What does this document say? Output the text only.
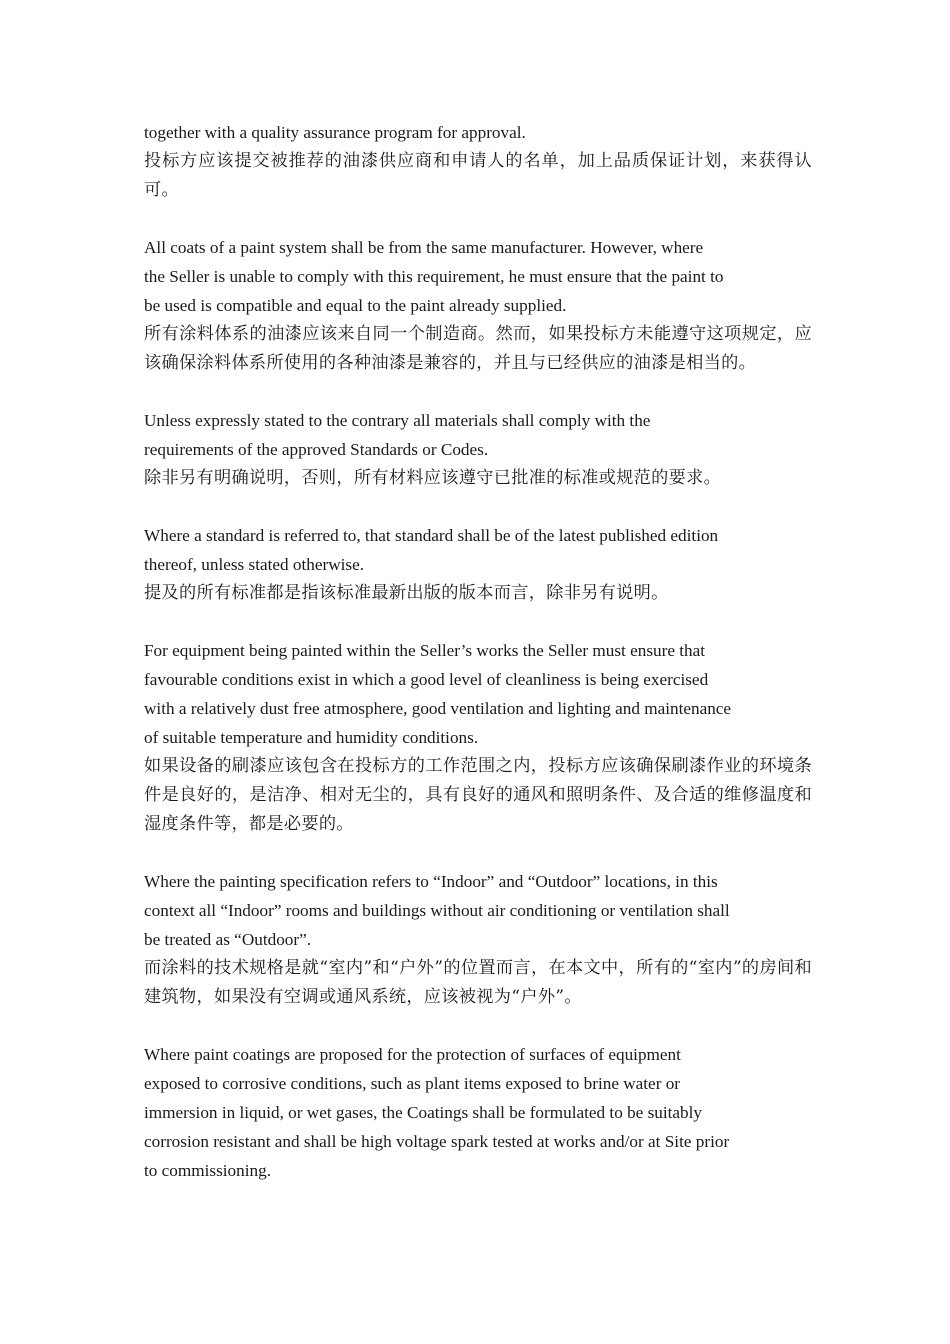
together with a quality assurance program for approval.

投标方应该提交被推荐的油漆供应商和申请人的名单，加上品质保证计划，来获得认可。

All coats of a paint system shall be from the same manufacturer. However, where
the Seller is unable to comply with this requirement, he must ensure that the paint to
be used is compatible and equal to the paint already supplied.

所有涂料体系的油漆应该来自同一个制造商。然而，如果投标方未能遵守这项规定，应该确保涂料体系所使用的各种油漆是兼容的，并且与已经供应的油漆是相当的。

Unless expressly stated to the contrary all materials shall comply with the
requirements of the approved Standards or Codes.

除非另有明确说明，否则，所有材料应该遵守已批准的标准或规范的要求。

Where a standard is referred to, that standard shall be of the latest published edition
thereof, unless stated otherwise.

提及的所有标准都是指该标准最新出版的版本而言，除非另有说明。

For equipment being painted within the Seller’s works the Seller must ensure that
favourable conditions exist in which a good level of cleanliness is being exercised
with a relatively dust free atmosphere, good ventilation and lighting and maintenance
of suitable temperature and humidity conditions.

如果设备的刷漆应该包含在投标方的工作范围之内，投标方应该确保刷漆作业的环境条件是良好的，是洁净、相对无尘的，具有良好的通风和照明条件、及合适的维修温度和湿度条件等，都是必要的。

Where the painting specification refers to “Indoor” and “Outdoor” locations, in this
context all “Indoor” rooms and buildings without air conditioning or ventilation shall
be treated as “Outdoor”.

而涂料的技术规格是就“室内”和“户外”的位置而言，在本文中，所有的“室内”的房间和建筑物，如果没有空调或通风系统，应该被视为“户外”。

Where paint coatings are proposed for the protection of surfaces of equipment
exposed to corrosive conditions, such as plant items exposed to brine water or
immersion in liquid, or wet gases, the Coatings shall be formulated to be suitably
corrosion resistant and shall be high voltage spark tested at works and/or at Site prior
to commissioning.
